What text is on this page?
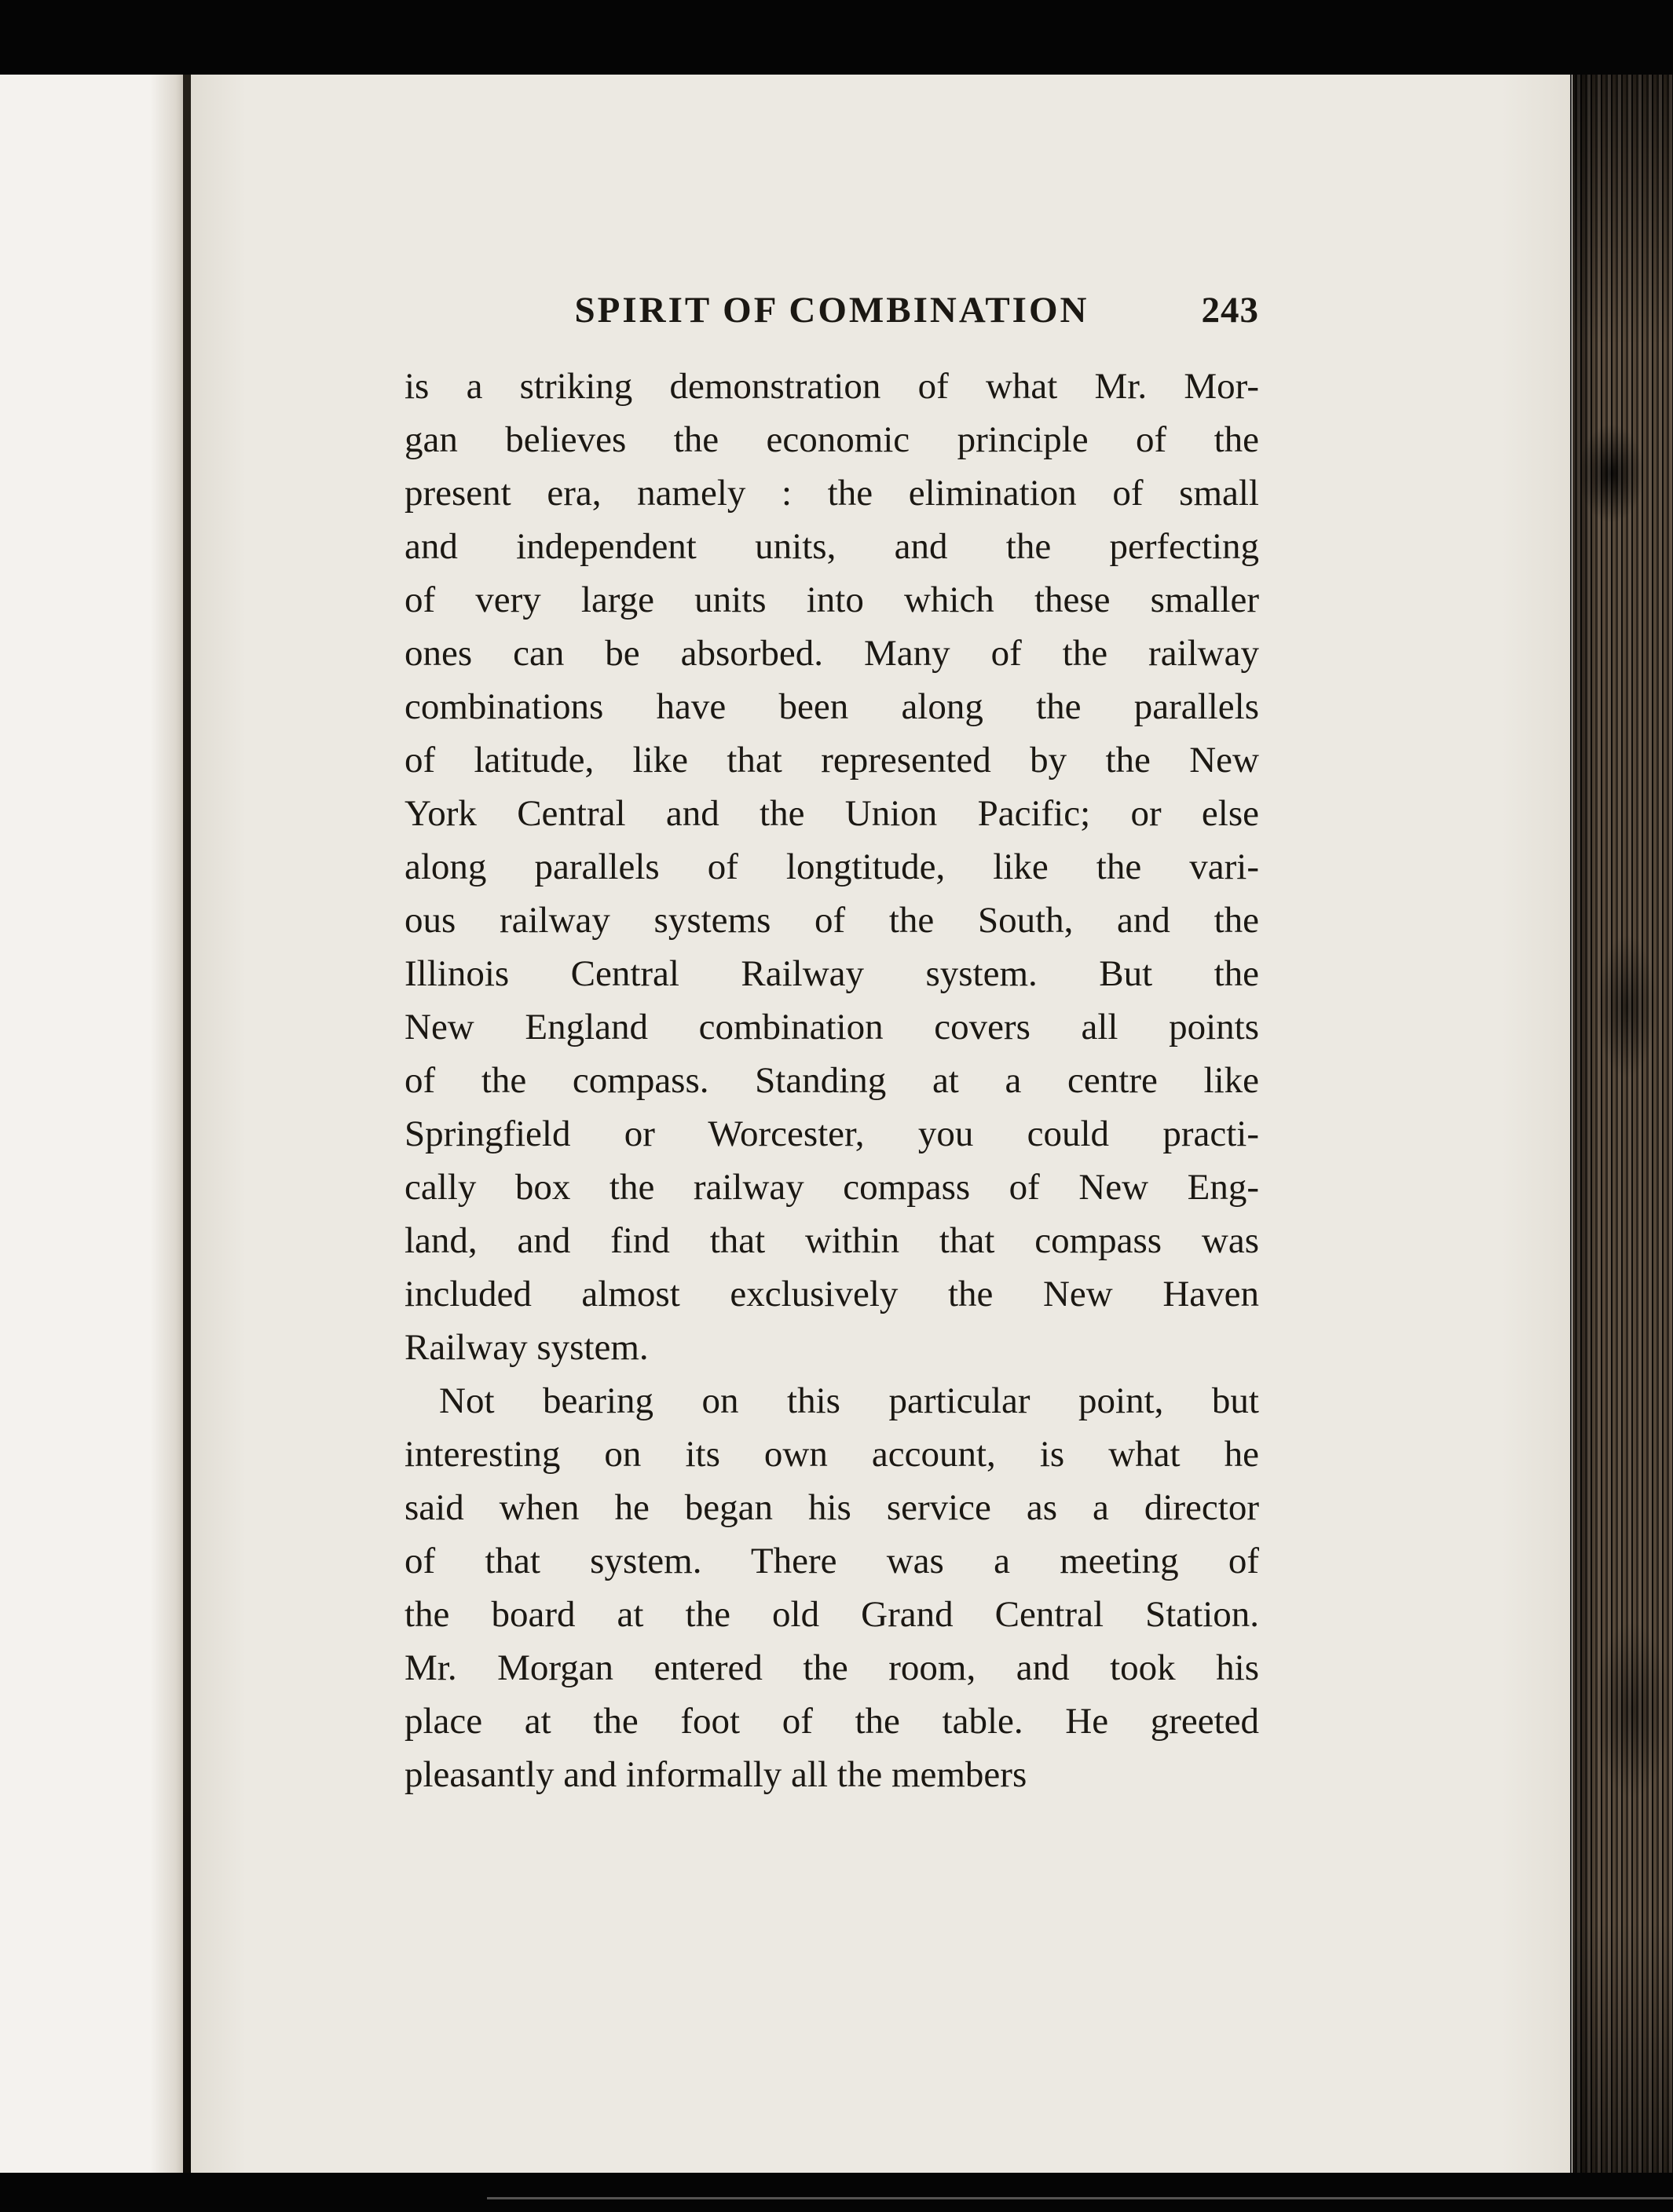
SPIRIT OF COMBINATION	243
is a striking demonstration of what Mr. Mor-
gan believes the economic principle of the
present era, namely : the elimination of small
and independent units, and the perfecting
of very large units into which these smaller
ones can be absorbed. Many of the railway
combinations have been along the parallels
of latitude, like that represented by the New
York Central and the Union Pacific; or else
along parallels of longtitude, like the vari-
ous railway systems of the South, and the
Illinois Central Railway system. But the
New England combination covers all points
of the compass. Standing at a centre like
Springfield or Worcester, you could practi-
cally box the railway compass of New Eng-
land, and find that within that compass was
included almost exclusively the New Haven
Railway system.
Not bearing on this particular point, but
interesting on its own account, is what he
said when he began his service as a director
of that system. There was a meeting of
the board at the old Grand Central Station.
Mr. Morgan entered the room, and took his
place at the foot of the table. He greeted
pleasantly and informally all the members
